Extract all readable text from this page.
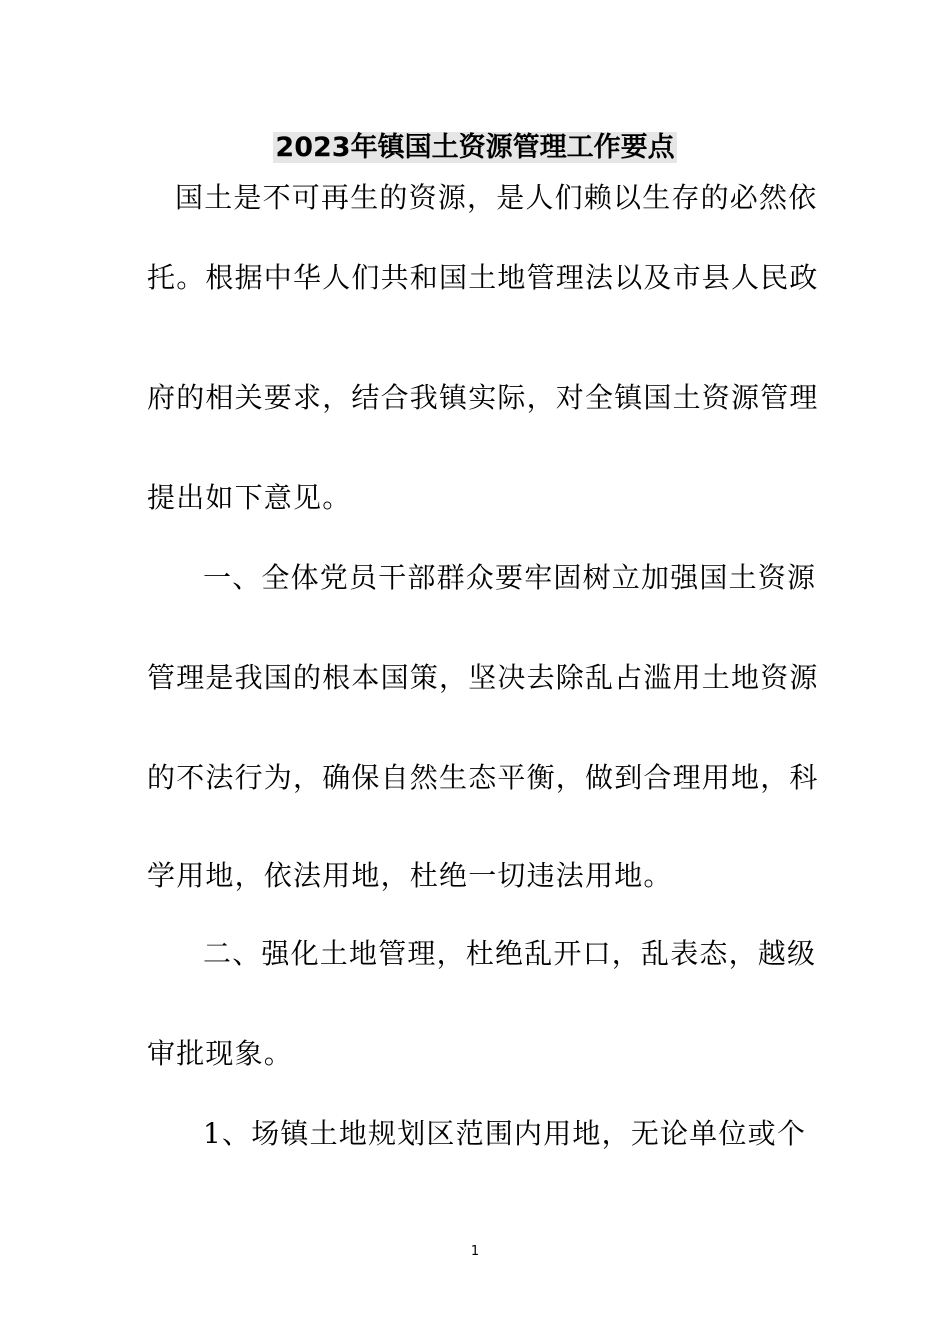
2023年镇国土资源管理工作要点
国土是不可再生的资源，是人们赖以生存的必然依
托。根据中华人们共和国土地管理法以及市县人民政
府的相关要求，结合我镇实际，对全镇国土资源管理
提出如下意见。
一、全体党员干部群众要牢固树立加强国土资源
管理是我国的根本国策，坚决去除乱占滥用土地资源
的不法行为，确保自然生态平衡，做到合理用地，科
学用地，依法用地，杜绝一切违法用地。
二、强化土地管理，杜绝乱开口，乱表态，越级
审批现象。
1、场镇土地规划区范围内用地，无论单位或个
1
